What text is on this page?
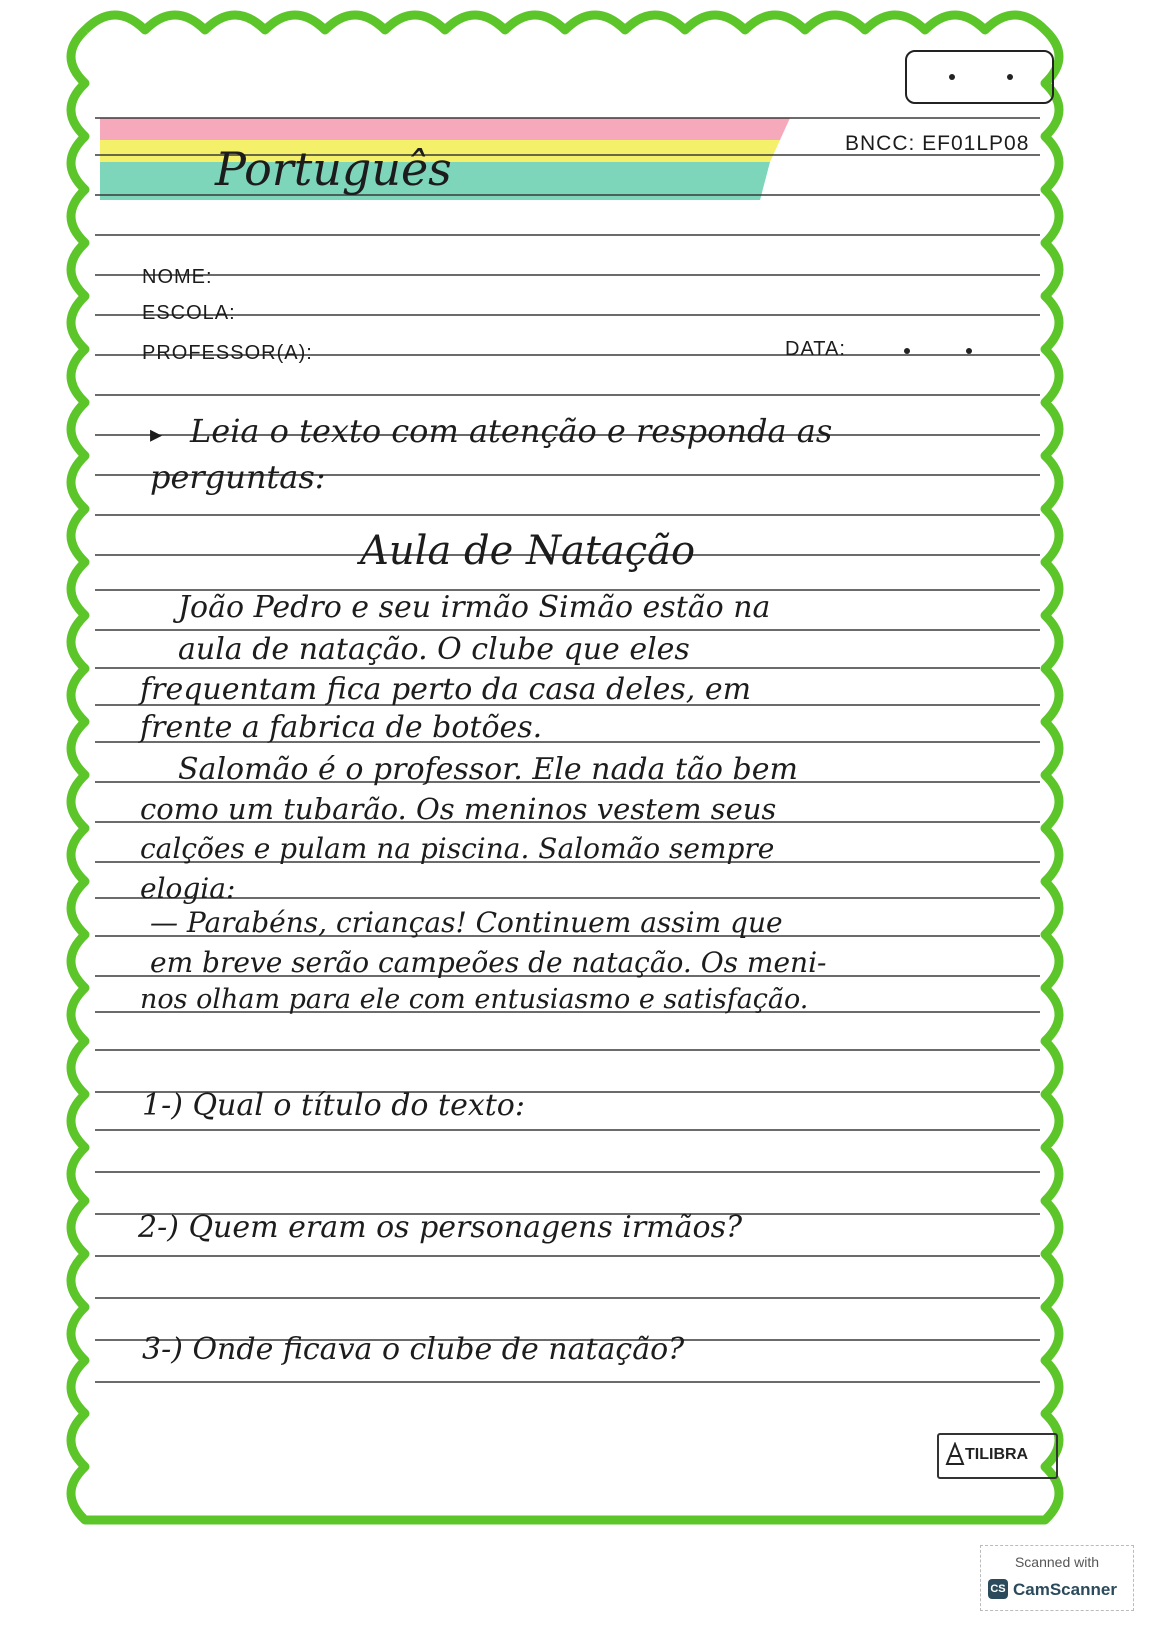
BNCC: EF01LP08
Português
NOME:
ESCOLA:
PROFESSOR(A):	DATA:
▸ Leia o texto com atenção e responda as
perguntas:
Aula de Natação
João Pedro e seu irmão Simão estão na
aula de natação. O clube que eles
frequentam fica perto da casa deles, em
frente a fabrica de botões.
Salomão é o professor. Ele nada tão bem
como um tubarão. Os meninos vestem seus
calções e pulam na piscina. Salomão sempre
elogia:
— Parabéns, crianças! Continuem assim que
em breve serão campeões de natação. Os meni-
nos olham para ele com entusiasmo e satisfação.
1-) Qual o título do texto:
2-) Quem eram os personagens irmãos?
3-) Onde ficava o clube de natação?
TILIBRA
Scanned with
CS CamScanner
